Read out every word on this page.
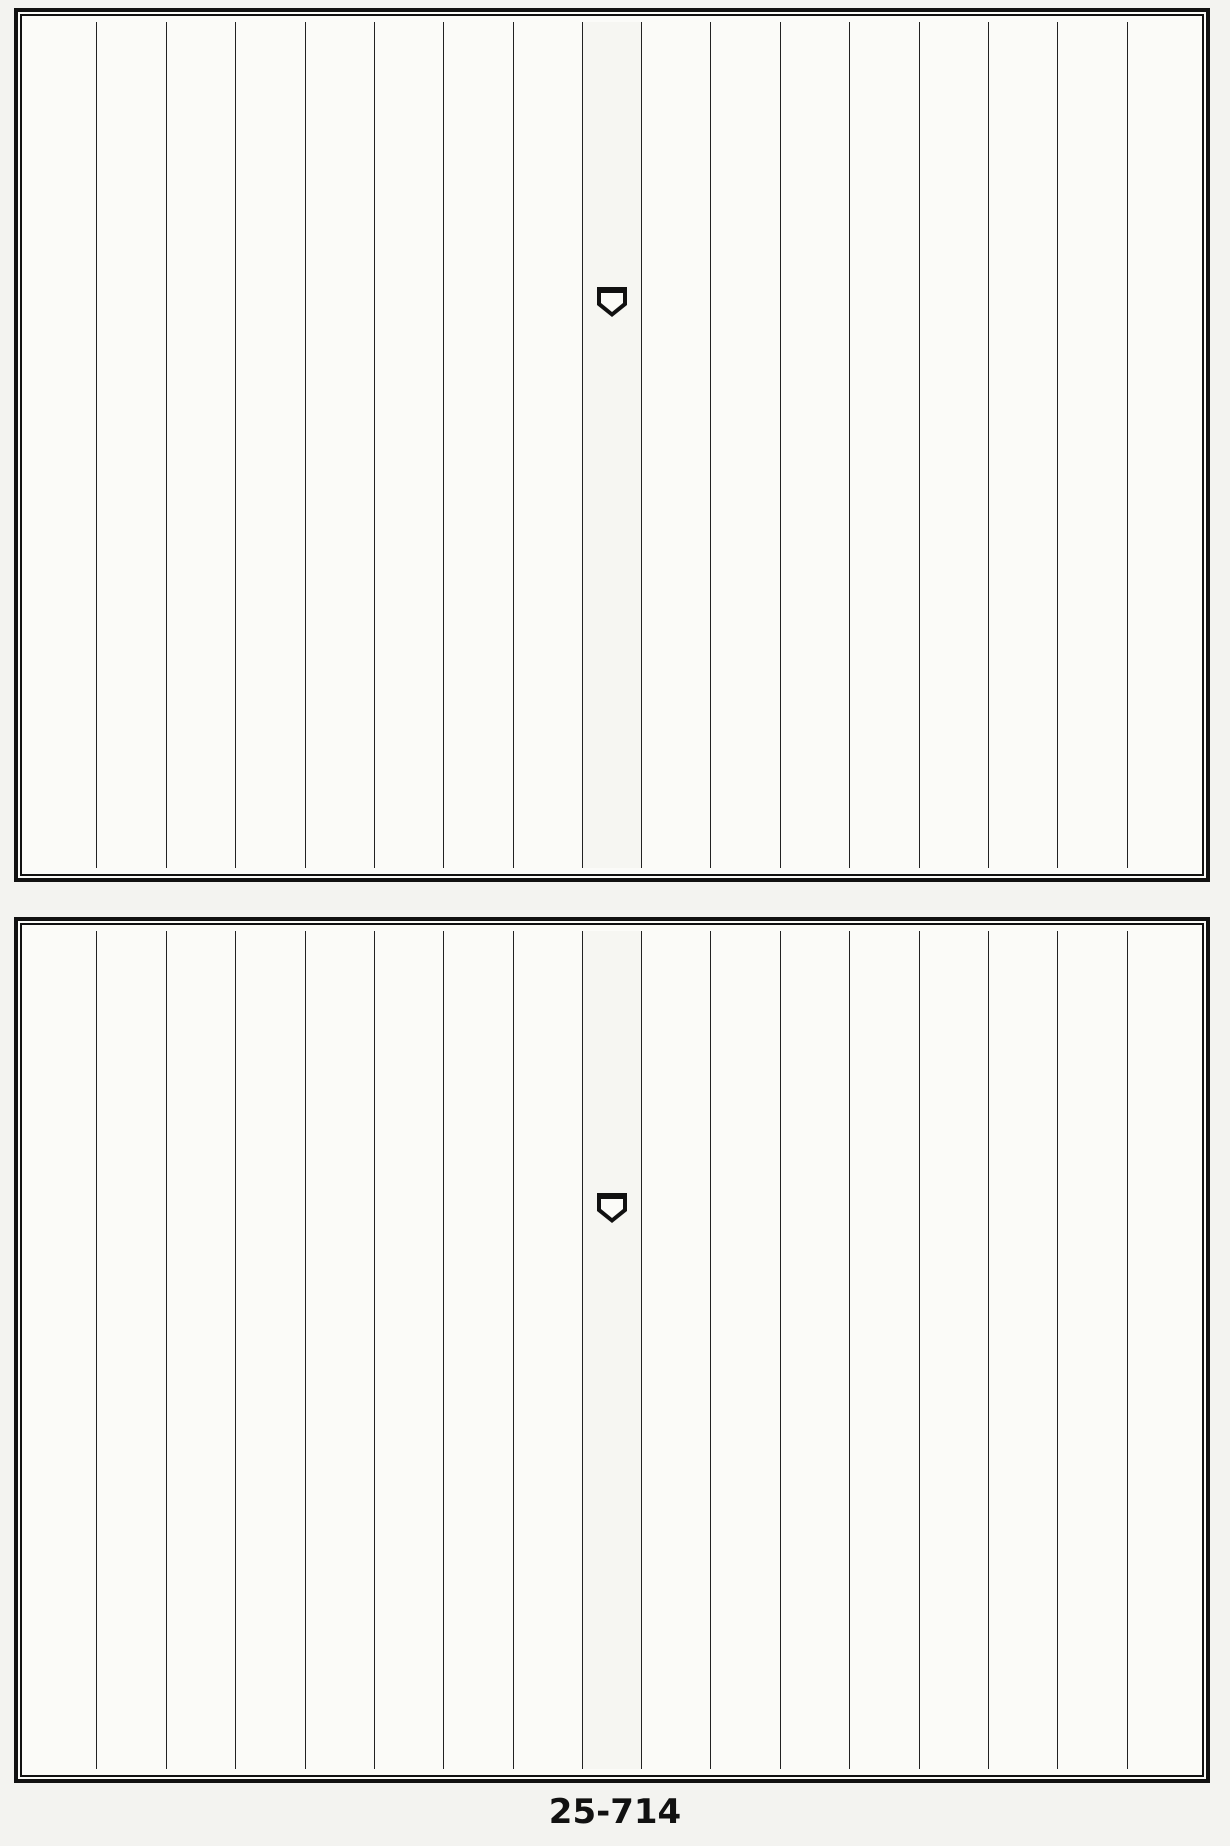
25-714
